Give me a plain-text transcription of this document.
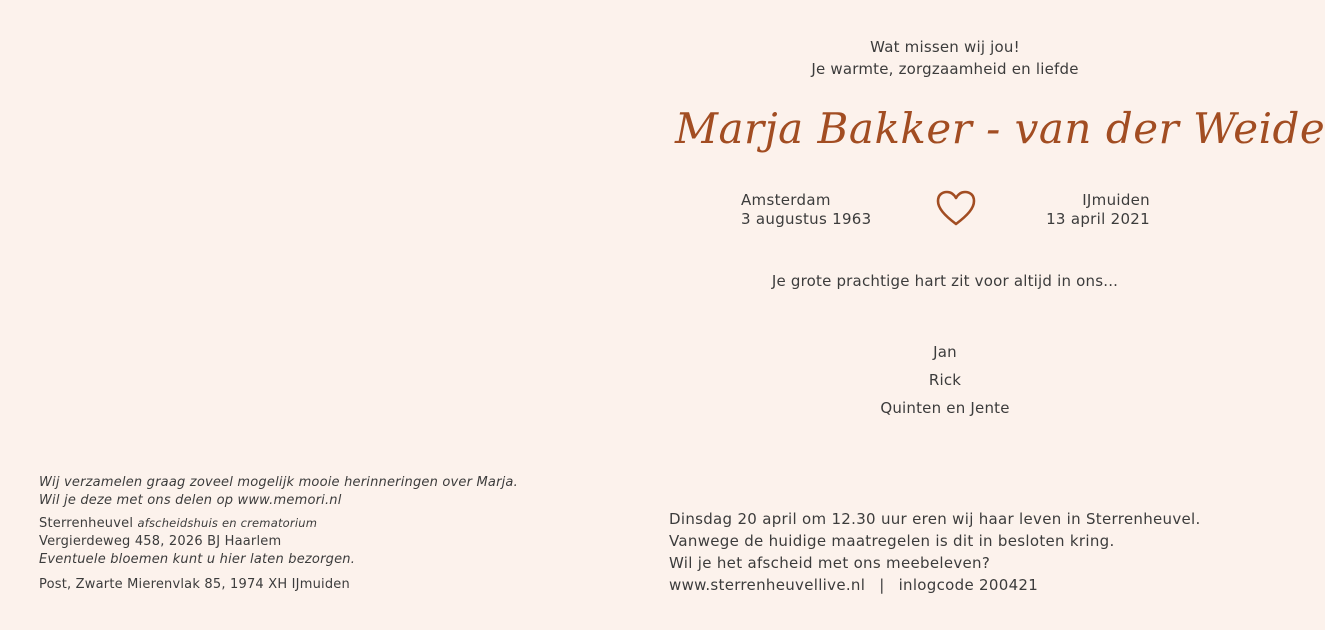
Wij verzamelen graag zoveel mogelijk mooie herinneringen over Marja.
Wil je deze met ons delen op www.memori.nl
Sterrenheuvel afscheidshuis en crematorium
Vergierdeweg 458, 2026 BJ Haarlem
Eventuele bloemen kunt u hier laten bezorgen.
Post, Zwarte Mierenvlak 85, 1974 XH IJmuiden
Wat missen wij jou!
Je warmte, zorgzaamheid en liefde
Marja Bakker - van der Weide
Amsterdam
3 augustus 1963
IJmuiden
13 april 2021
Je grote prachtige hart zit voor altijd in ons...
Jan
Rick
Quinten en Jente
Dinsdag 20 april om 12.30 uur eren wij haar leven in Sterrenheuvel.
Vanwege de huidige maatregelen is dit in besloten kring.
Wil je het afscheid met ons meebeleven?
www.sterrenheuvellive.nl | inlogcode 200421
